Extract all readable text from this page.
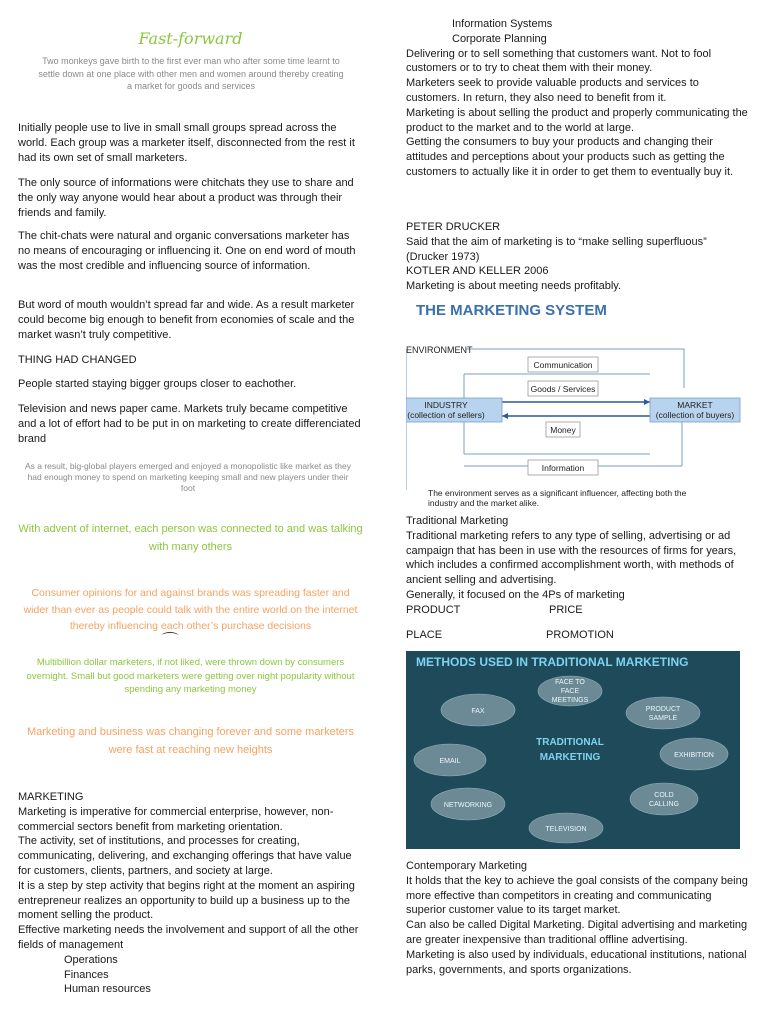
Fast-forward
Two monkeys gave birth to the first ever man who after some time learnt to settle down at one place with other men and women around thereby creating a market for goods and services

Initially people use to live in small small groups spread across the world. Each group was a marketer itself, disconnected from the rest it had its own set of small marketers.

The only source of informations were chitchats they use to share and the only way anyone would hear about a product was through their friends and family.

The chit-chats were natural and organic conversations marketer has no means of encouraging or influencing it. One on end word of mouth was the most credible and influencing source of information.

But word of mouth wouldn’t spread far and wide. As a result marketer could become big enough to benefit from economies of scale and the market wasn’t truly competitive.

THING HAD CHANGED

People started staying bigger groups closer to eachother.

Television and news paper came. Markets truly became competitive and a lot of effort had to be put in on marketing to create differenciated brand

As a result, big-global players emerged and enjoyed a monopolistic like market as they had enough money to spend on marketing keeping small and new players under their foot
With advent of internet, each person was connected to and was talking with many others
Consumer opinions for and against brands was spreading faster and wider than ever as people could talk with the entire world on the internet thereby influencing each other’s purchase decisions
Multibillion dollar marketers, if not liked, were thrown down by consumers overnight. Small but good marketers were getting over night popularity without spending any marketing money
Marketing and business was changing forever and some marketers were fast at reaching new heights
MARKETING
Marketing is imperative for commercial enterprise, however, non-commercial sectors benefit from marketing orientation.
The activity, set of institutions, and processes for creating, communicating, delivering, and exchanging offerings that have value for customers, clients, partners, and society at large.
It is a step by step activity that begins right at the moment an aspiring entrepreneur realizes an opportunity to build up a business up to the moment selling the product.
Effective marketing needs the involvement and support of all the other fields of management
Operations
Finances
Human resources
Information Systems
Corporate Planning
Delivering or to sell something that customers want. Not to fool customers or to try to cheat them with their money.
Marketers seek to provide valuable products and services to customers. In return, they also need to benefit from it.
Marketing is about selling the product and properly communicating the product to the market and to the world at large.
Getting the consumers to buy your products and changing their attitudes and perceptions about your products such as getting the customers to actually like it in order to get them to eventually buy it.
PETER DRUCKER
Said that the aim of marketing is to “make selling superfluous” (Drucker 1973)
KOTLER AND KELLER 2006
Marketing is about meeting needs profitably.
THE MARKETING SYSTEM
ENVIRONMENT
Communication
Goods / Services
INDUSTRY
(collection of sellers)
MARKET
(collection of buyers)
Money
Information
The environment serves as a significant influencer, affecting both the
industry and the market alike.
Traditional Marketing
Traditional marketing refers to any type of selling, advertising or ad campaign that has been in use with the resources of firms for years, which includes a confirmed accomplishment worth, with methods of ancient selling and advertising.
Generally, it focused on the 4Ps of marketing
PRODUCT	PRICE
PLACE	PROMOTION
METHODS USED IN TRADITIONAL MARKETING
FACE TO
FACE
MEETINGS
FAX	PRODUCT
SAMPLE
EMAIL
EXHIBITION
NETWORKING
COLD
CALLING
TELEVISION
TRADITIONAL
MARKETING
Contemporary Marketing
It holds that the key to achieve the goal consists of the company being more effective than competitors in creating and communicating superior customer value to its target market.
Can also be called Digital Marketing. Digital advertising and marketing are greater inexpensive than traditional offline advertising.
Marketing is also used by individuals, educational institutions, national parks, governments, and sports organizations.
